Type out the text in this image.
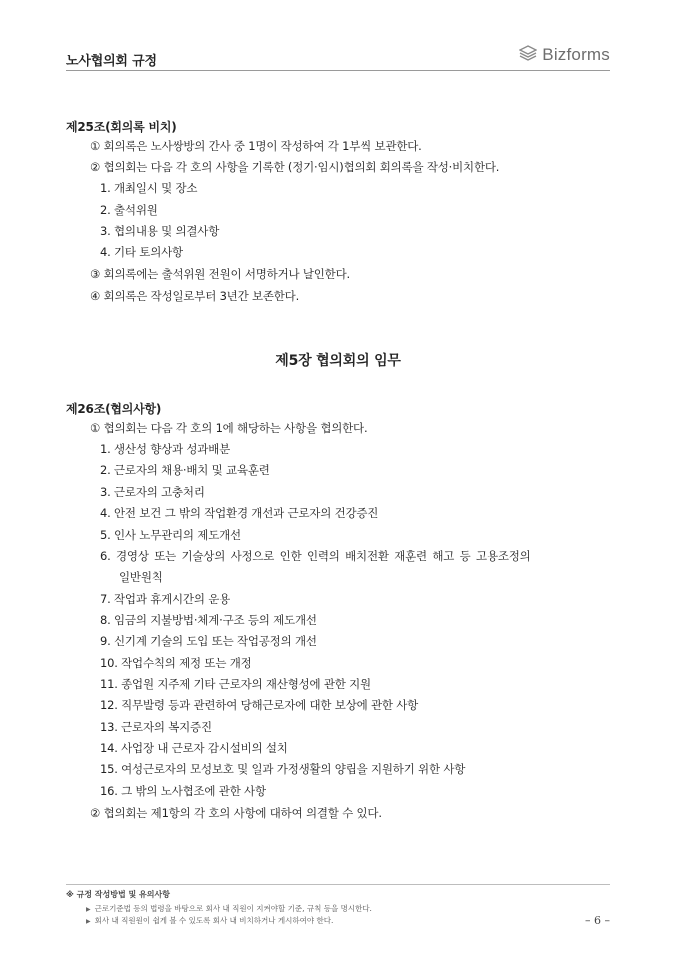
노사협의회 규정	Bizforms
제25조(회의록 비치)
① 회의록은 노사쌍방의 간사 중 1명이 작성하여 각 1부씩 보관한다.
② 협의회는 다음 각 호의 사항을 기록한 (정기·임시)협의회 회의록을 작성·비치한다.
1. 개최일시 및 장소
2. 출석위원
3. 협의내용 및 의결사항
4. 기타 토의사항
③ 회의록에는 출석위원 전원이 서명하거나 날인한다.
④ 회의록은 작성일로부터 3년간 보존한다.
제5장 협의회의 임무
제26조(협의사항)
① 협의회는 다음 각 호의 1에 해당하는 사항을 협의한다.
1. 생산성 향상과 성과배분
2. 근로자의 채용·배치 및 교육훈련
3. 근로자의 고충처리
4. 안전 보건 그 밖의 작업환경 개선과 근로자의 건강증진
5. 인사 노무관리의 제도개선
6. 경영상 또는 기술상의 사정으로 인한 인력의 배치전환 재훈련 해고 등 고용조정의
일반원칙
7. 작업과 휴게시간의 운용
8. 임금의 지불방법·체계·구조 등의 제도개선
9. 신기계 기술의 도입 또는 작업공정의 개선
10. 작업수칙의 제정 또는 개정
11. 종업원 지주제 기타 근로자의 재산형성에 관한 지원
12. 직무발령 등과 관련하여 당해근로자에 대한 보상에 관한 사항
13. 근로자의 복지증진
14. 사업장 내 근로자 감시설비의 설치
15. 여성근로자의 모성보호 및 일과 가정생활의 양립을 지원하기 위한 사항
16. 그 밖의 노사협조에 관한 사항
② 협의회는 제1항의 각 호의 사항에 대하여 의결할 수 있다.
※ 규정 작성방법 및 유의사항
▶ 근로기준법 등의 법령을 바탕으로 회사 내 직원이 지켜야할 기준, 규칙 등을 명시한다.
▶ 회사 내 직원원이 쉽게 볼 수 있도록 회사 내 비치하거나 게시하여야 한다.	– 6 –
